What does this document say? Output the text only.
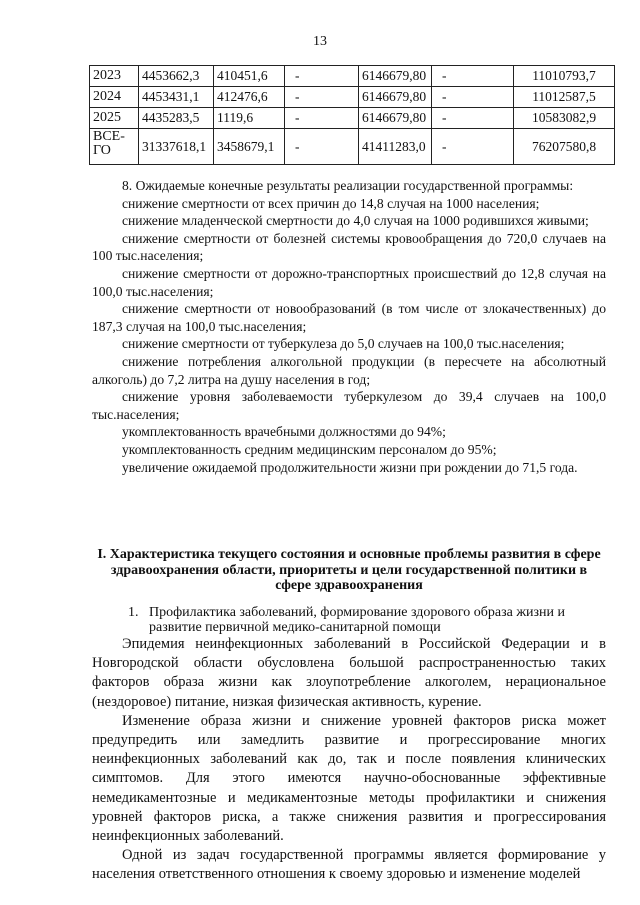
13
2023	4453662,3	410451,6	-	6146679,80	-	11010793,7
2024	4453431,1	412476,6	-	6146679,80	-	11012587,5
2025	4435283,5	1119,6	-	6146679,80	-	10583082,9
ВСЕ-
ГО	31337618,1	3458679,1	-	41411283,0	-	76207580,8

8. Ожидаемые конечные результаты реализации государственной программы:

снижение смертности от всех причин до 14,8 случая на 1000 населения;

снижение младенческой смертности до 4,0 случая на 1000 родившихся живыми;

снижение смертности от болезней системы кровообращения до 720,0 случаев на 100 тыс.населения;

снижение смертности от дорожно-транспортных происшествий до 12,8 случая на 100,0 тыс.населения;

снижение смертности от новообразований (в том числе от злокачественных) до 187,3 случая на 100,0 тыс.населения;

снижение смертности от туберкулеза до 5,0 случаев на 100,0 тыс.населения;

снижение потребления алкогольной продукции (в пересчете на абсолютный алкоголь) до 7,2 литра на душу населения в год;

снижение уровня заболеваемости туберкулезом до 39,4 случаев на 100,0 тыс.населения;

укомплектованность врачебными должностями до 94%;

укомплектованность средним медицинским персоналом до 95%;

увеличение ожидаемой продолжительности жизни при рождении до 71,5 года.

I. Характеристика текущего состояния и основные проблемы развития в сфере здравоохранения области, приоритеты и цели государственной политики в сфере здравоохранения
1. Профилактика заболеваний, формирование здорового образа жизни и развитие первичной медико-санитарной помощи

Эпидемия неинфекционных заболеваний в Российской Федерации и в Новгородской области обусловлена большой распространенностью таких факторов образа жизни как злоупотребление алкоголем, нерациональное (нездоровое) питание, низкая физическая активность, курение.

Изменение образа жизни и снижение уровней факторов риска может предупредить или замедлить развитие и прогрессирование многих неинфекционных заболеваний как до, так и после появления клинических симптомов. Для этого имеются научно-обоснованные эффективные немедикаментозные и медикаментозные методы профилактики и снижения уровней факторов риска, а также снижения развития и прогрессирования неинфекционных заболеваний.

Одной из задач государственной программы является формирование у населения ответственного отношения к своему здоровью и изменение моделей
